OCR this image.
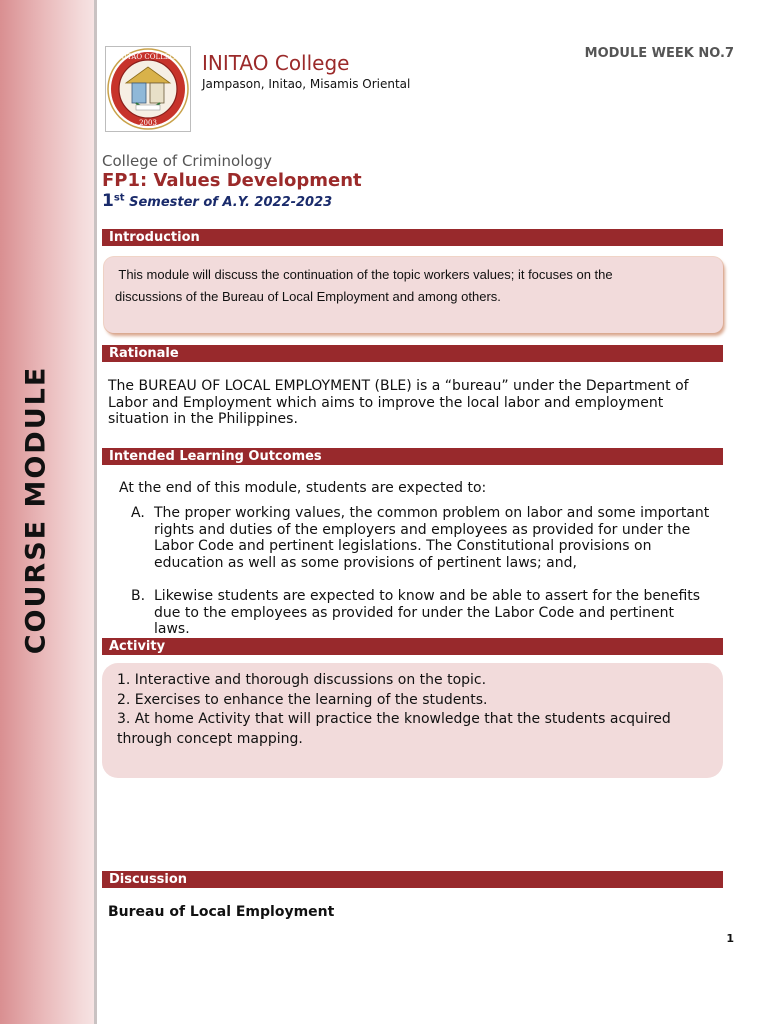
COURSE MODULE
INITAO COLLEGE
2003
INITAO College
Jampason, Initao, Misamis Oriental
MODULE WEEK NO.7
College of Criminology
FP1: Values Development
1st Semester of A.Y. 2022-2023
Introduction
This module will discuss the continuation of the topic workers values; it focuses on the
discussions of the Bureau of Local Employment and among others.
Rationale
The BUREAU OF LOCAL EMPLOYMENT (BLE) is a “bureau” under the Department of Labor and Employment which aims to improve the local labor and employment situation in the Philippines.
Intended Learning Outcomes
At the end of this module, students are expected to:
A. The proper working values, the common problem on labor and some important rights and duties of the employers and employees as provided for under the Labor Code and pertinent legislations. The Constitutional provisions on education as well as some provisions of pertinent laws; and,
B. Likewise students are expected to know and be able to assert for the benefits due to the employees as provided for under the Labor Code and pertinent laws.
Activity
1. Interactive and thorough discussions on the topic.
2. Exercises to enhance the learning of the students.
3. At home Activity that will practice the knowledge that the students acquired through concept mapping.
Discussion
Bureau of Local Employment
1
